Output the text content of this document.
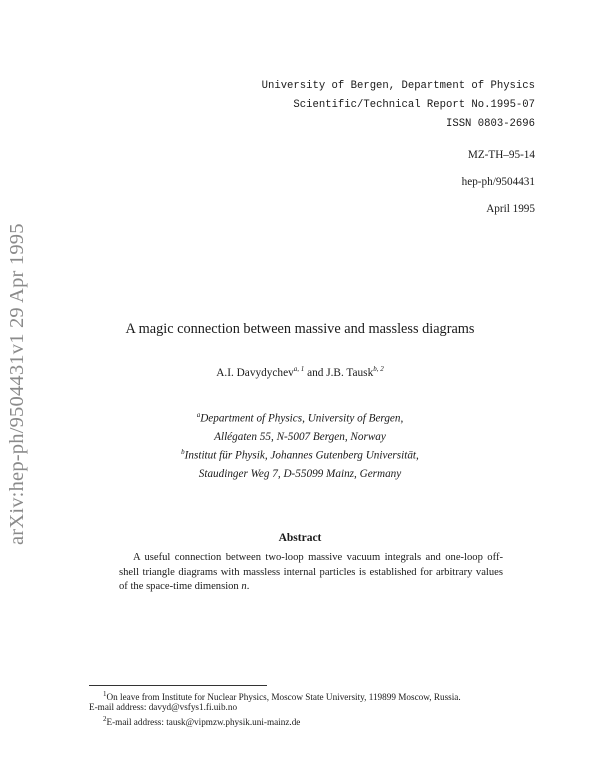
arXiv:hep-ph/9504431v1 29 Apr 1995
University of Bergen, Department of Physics
Scientific/Technical Report No.1995-07
ISSN 0803-2696
MZ-TH–95-14
hep-ph/9504431
April 1995
A magic connection between massive and massless diagrams
A.I. Davydychev$^{a, 1}$ and J.B. Tausk$^{b, 2}$
$^a$Department of Physics, University of Bergen,
Allégaten 55, N-5007 Bergen, Norway
$^b$Institut für Physik, Johannes Gutenberg Universität,
Staudinger Weg 7, D-55099 Mainz, Germany
Abstract
A useful connection between two-loop massive vacuum integrals and one-loop off-shell triangle diagrams with massless internal particles is established for arbitrary values of the space-time dimension n.
$^1$On leave from Institute for Nuclear Physics, Moscow State University, 119899 Moscow, Russia.
E-mail address: davyd@vsfys1.fi.uib.no
$^2$E-mail address: tausk@vipmzw.physik.uni-mainz.de
